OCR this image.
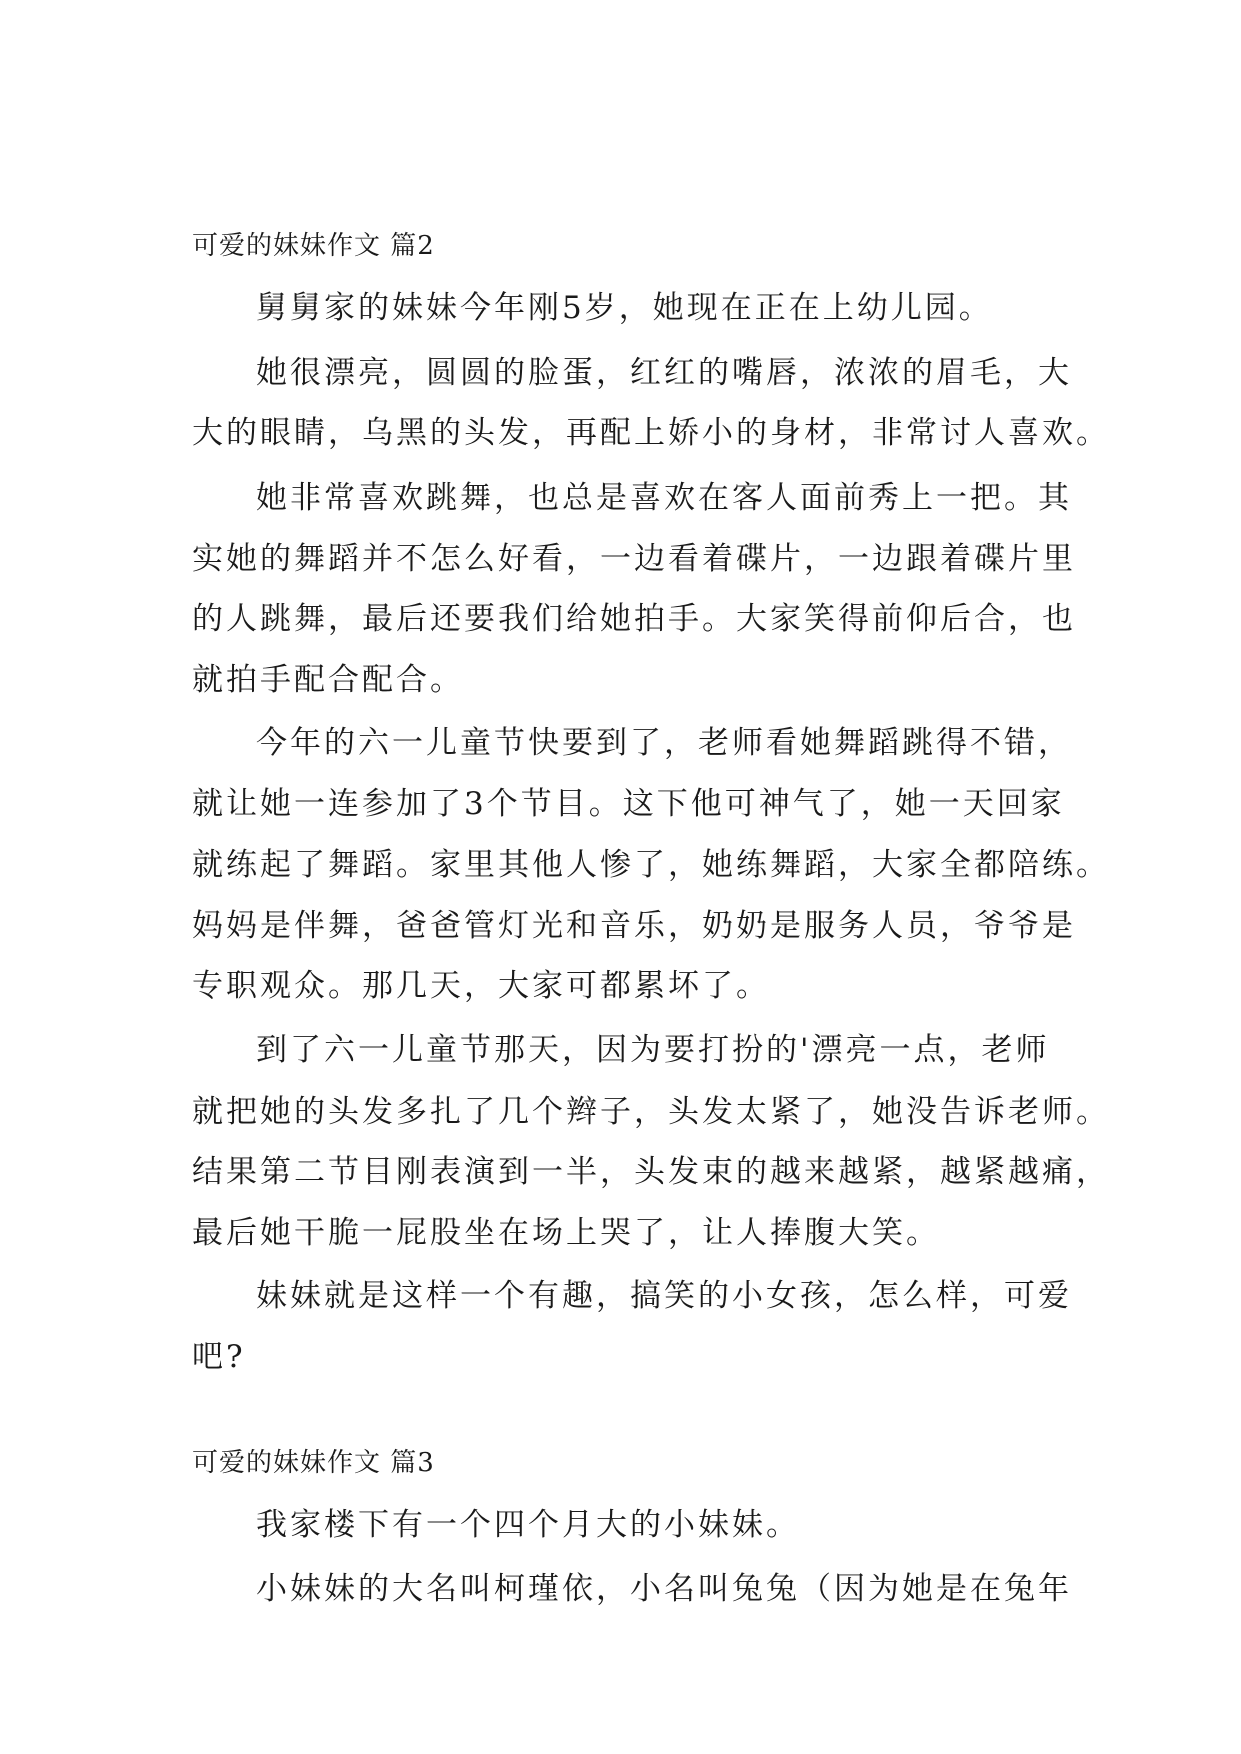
可爱的妹妹作文 篇2
舅舅家的妹妹今年刚5岁，她现在正在上幼儿园。
她很漂亮，圆圆的脸蛋，红红的嘴唇，浓浓的眉毛，大
大的眼睛，乌黑的头发，再配上娇小的身材，非常讨人喜欢。
她非常喜欢跳舞，也总是喜欢在客人面前秀上一把。其
实她的舞蹈并不怎么好看，一边看着碟片，一边跟着碟片里
的人跳舞，最后还要我们给她拍手。大家笑得前仰后合，也
就拍手配合配合。
今年的六一儿童节快要到了，老师看她舞蹈跳得不错，
就让她一连参加了3个节目。这下他可神气了，她一天回家
就练起了舞蹈。家里其他人惨了，她练舞蹈，大家全都陪练。
妈妈是伴舞，爸爸管灯光和音乐，奶奶是服务人员，爷爷是
专职观众。那几天，大家可都累坏了。
到了六一儿童节那天，因为要打扮的'漂亮一点，老师
就把她的头发多扎了几个辫子，头发太紧了，她没告诉老师。
结果第二节目刚表演到一半，头发束的越来越紧，越紧越痛，
最后她干脆一屁股坐在场上哭了，让人捧腹大笑。
妹妹就是这样一个有趣，搞笑的小女孩，怎么样，可爱
吧?
可爱的妹妹作文 篇3
我家楼下有一个四个月大的小妹妹。
小妹妹的大名叫柯瑾依，小名叫兔兔（因为她是在兔年
